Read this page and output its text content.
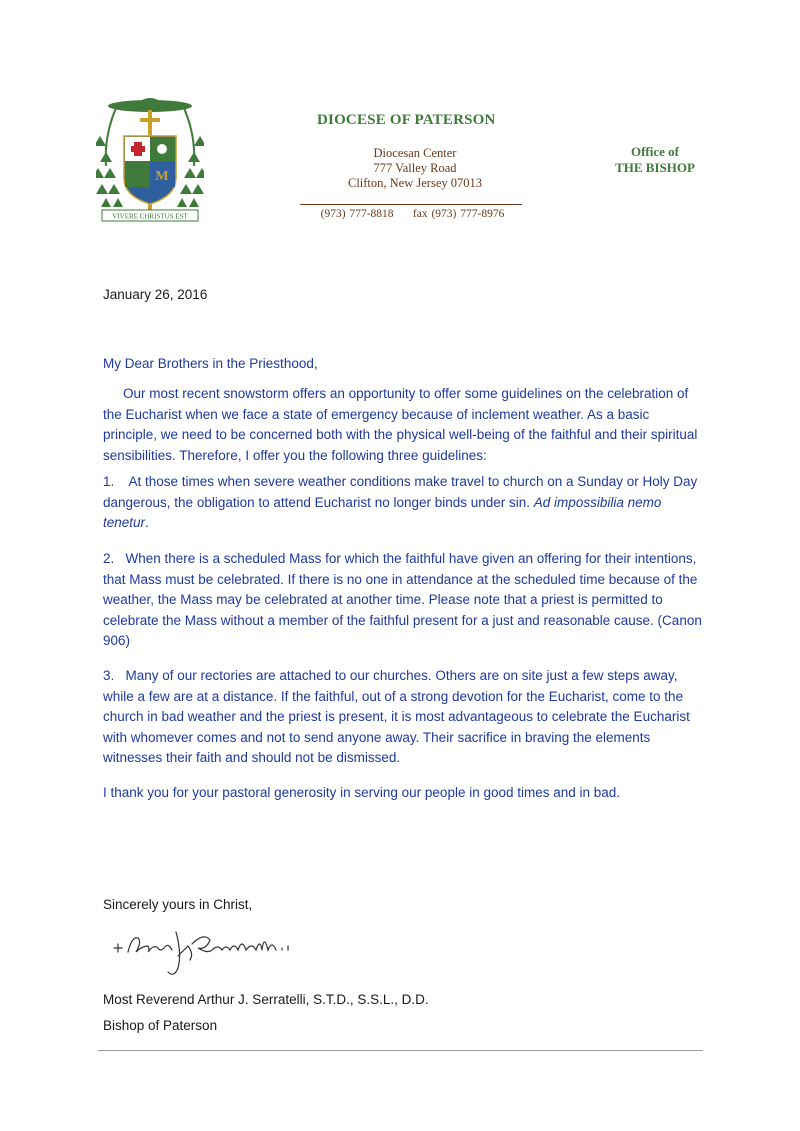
M
VIVERE CHRISTUS EST
DIOCESE OF PATERSON
Diocesan Center
777 Valley Road
Clifton, New Jersey 07013
(973) 777-8818     fax (973) 777-8976
Office of
THE BISHOP
January 26, 2016
My Dear Brothers in the Priesthood,

Our most recent snowstorm offers an opportunity to offer some guidelines on the celebration of the Eucharist when we face a state of emergency because of inclement weather. As a basic principle, we need to be concerned both with the physical well-being of the faithful and their spiritual sensibilities. Therefore, I offer you the following three guidelines:

1.    At those times when severe weather conditions make travel to church on a Sunday or Holy Day dangerous, the obligation to attend Eucharist no longer binds under sin. Ad impossibilia nemo tenetur.

2.   When there is a scheduled Mass for which the faithful have given an offering for their intentions, that Mass must be celebrated. If there is no one in attendance at the scheduled time because of the weather, the Mass may be celebrated at another time. Please note that a priest is permitted to celebrate the Mass without a member of the faithful present for a just and reasonable cause. (Canon 906)

3.   Many of our rectories are attached to our churches. Others are on site just a few steps away, while a few are at a distance. If the faithful, out of a strong devotion for the Eucharist, come to the church in bad weather and the priest is present, it is most advantageous to celebrate the Eucharist with whomever comes and not to send anyone away. Their sacrifice in braving the elements witnesses their faith and should not be dismissed.

I thank you for your pastoral generosity in serving our people in good times and in bad.
Sincerely yours in Christ,
Most Reverend Arthur J. Serratelli, S.T.D., S.S.L., D.D.
Bishop of Paterson
